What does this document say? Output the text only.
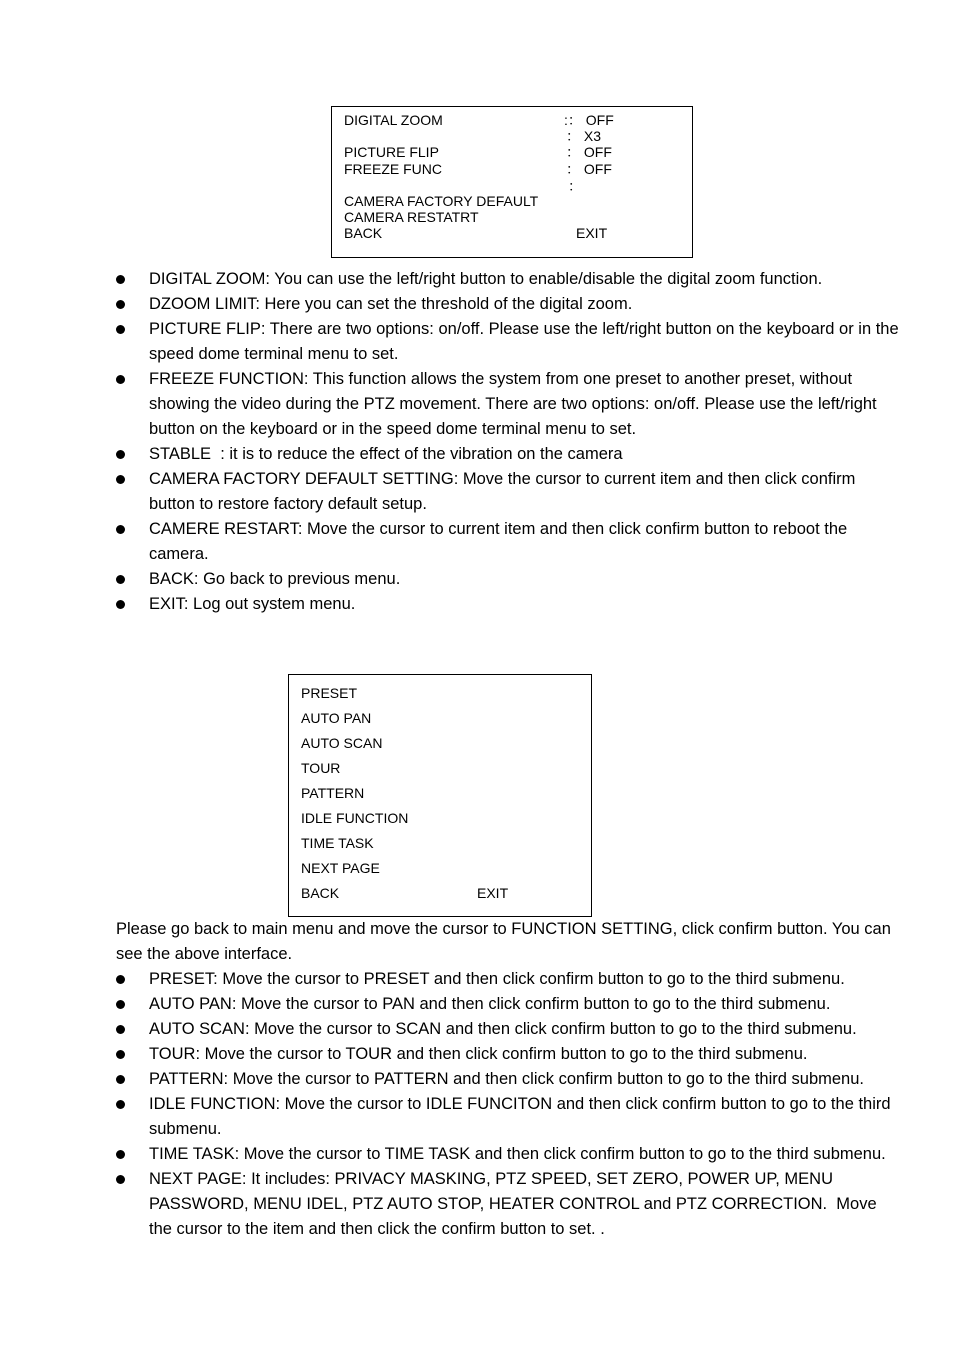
DIGITAL ZOOM	:： OFF
： X3
PICTURE FLIP	： OFF
FREEZE FUNC	： OFF
：
CAMERA FACTORY DEFAULT
CAMERA RESTATRT
BACK	EXIT
DIGITAL ZOOM: You can use the left/right button to enable/disable the digital zoom function.
DZOOM LIMIT: Here you can set the threshold of the digital zoom.
PICTURE FLIP: There are two options: on/off. Please use the left/right button on the keyboard or in the
speed dome terminal menu to set.
FREEZE FUNCTION: This function allows the system from one preset to another preset, without
showing the video during the PTZ movement. There are two options: on/off. Please use the left/right
button on the keyboard or in the speed dome terminal menu to set.
STABLE  : it is to reduce the effect of the vibration on the camera
CAMERA FACTORY DEFAULT SETTING: Move the cursor to current item and then click confirm
button to restore factory default setup.
CAMERE RESTART: Move the cursor to current item and then click confirm button to reboot the
camera.
BACK: Go back to previous menu.
EXIT: Log out system menu.
PRESET
AUTO PAN
AUTO SCAN
TOUR
PATTERN
IDLE FUNCTION
TIME TASK
NEXT PAGE
BACK	EXIT
Please go back to main menu and move the cursor to FUNCTION SETTING, click confirm button. You can
see the above interface.
PRESET: Move the cursor to PRESET and then click confirm button to go to the third submenu.
AUTO PAN: Move the cursor to PAN and then click confirm button to go to the third submenu.
AUTO SCAN: Move the cursor to SCAN and then click confirm button to go to the third submenu.
TOUR: Move the cursor to TOUR and then click confirm button to go to the third submenu.
PATTERN: Move the cursor to PATTERN and then click confirm button to go to the third submenu.
IDLE FUNCTION: Move the cursor to IDLE FUNCITON and then click confirm button to go to the third
submenu.
TIME TASK: Move the cursor to TIME TASK and then click confirm button to go to the third submenu.
NEXT PAGE: It includes: PRIVACY MASKING, PTZ SPEED, SET ZERO, POWER UP, MENU
PASSWORD, MENU IDEL, PTZ AUTO STOP, HEATER CONTROL and PTZ CORRECTION.  Move
the cursor to the item and then click the confirm button to set. .
